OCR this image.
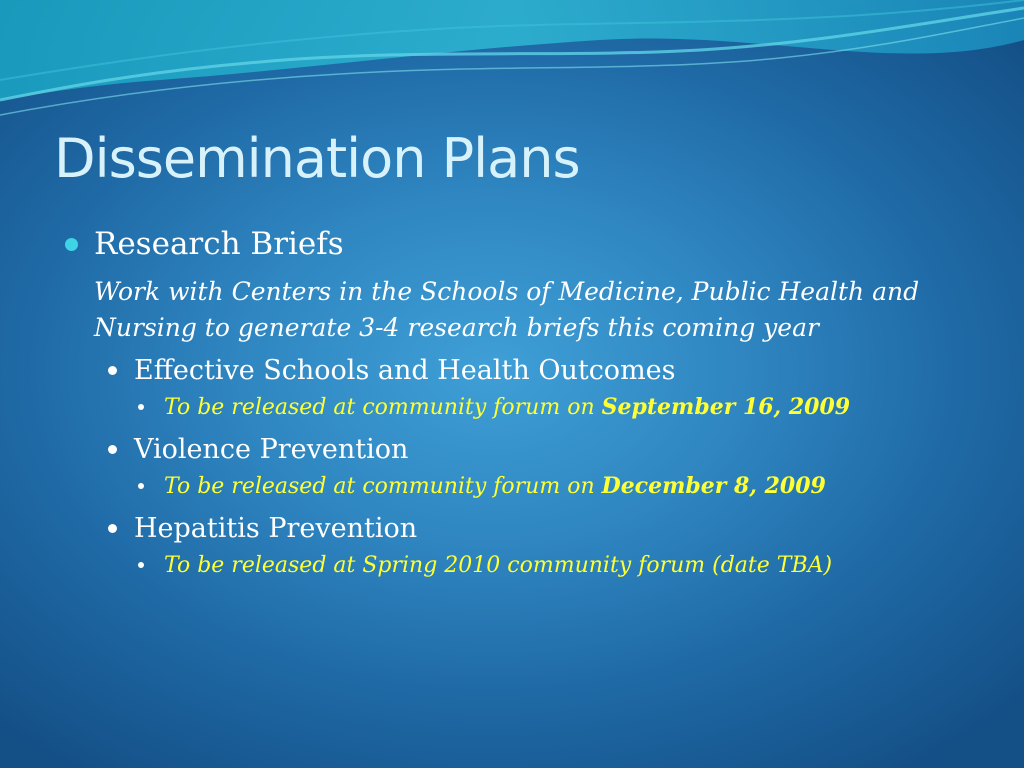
Dissemination Plans
Research Briefs
Work with Centers in the Schools of Medicine, Public Health and Nursing to generate 3-4 research briefs this coming year
Effective Schools and Health Outcomes
To be released at community forum on September 16, 2009
Violence Prevention
To be released at community forum on December 8, 2009
Hepatitis Prevention
To be released at Spring 2010 community forum (date TBA)
